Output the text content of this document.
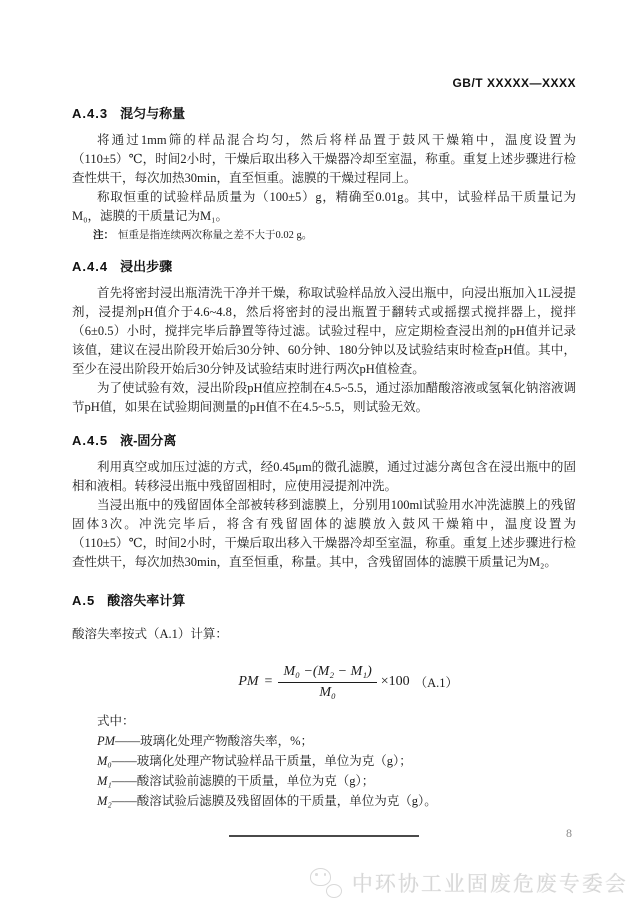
GB/T XXXXX—XXXX
A.4.3 混匀与称量

将通过1mm筛的样品混合均匀，然后将样品置于鼓风干燥箱中，温度设置为（110±5）℃，时间2小时，干燥后取出移入干燥器冷却至室温，称重。重复上述步骤进行检查性烘干，每次加热30min，直至恒重。滤膜的干燥过程同上。

称取恒重的试验样品质量为（100±5）g，精确至0.01g。其中，试验样品干质量记为M₀，滤膜的干质量记为M₁。

注： 恒重是指连续两次称量之差不大于0.02 g。

A.4.4 浸出步骤

首先将密封浸出瓶清洗干净并干燥，称取试验样品放入浸出瓶中，向浸出瓶加入1L浸提剂，浸提剂pH值介于4.6~4.8，然后将密封的浸出瓶置于翻转式或摇摆式搅拌器上，搅拌（6±0.5）小时，搅拌完毕后静置等待过滤。试验过程中，应定期检查浸出剂的pH值并记录该值，建议在浸出阶段开始后30分钟、60分钟、180分钟以及试验结束时检查pH值。其中，至少在浸出阶段开始后30分钟及试验结束时进行两次pH值检查。

为了使试验有效，浸出阶段pH值应控制在4.5~5.5，通过添加醋酸溶液或氢氧化钠溶液调节pH值，如果在试验期间测量的pH值不在4.5~5.5，则试验无效。

A.4.5 液-固分离

利用真空或加压过滤的方式，经0.45μm的微孔滤膜，通过过滤分离包含在浸出瓶中的固相和液相。转移浸出瓶中残留固相时，应使用浸提剂冲洗。

当浸出瓶中的残留固体全部被转移到滤膜上，分别用100ml试验用水冲洗滤膜上的残留固体3次。冲洗完毕后，将含有残留固体的滤膜放入鼓风干燥箱中，温度设置为（110±5）℃，时间2小时，干燥后取出移入干燥器冷却至室温，称重。重复上述步骤进行检查性烘干，每次加热30min，直至恒重，称量。其中，含残留固体的滤膜干质量记为M₂。

A.5 酸溶失率计算

酸溶失率按式（A.1）计算：

PM = $\frac{\text{M₀ −(M₂ − M₁)}}{\text{M₀}} \times 100$ （A.1）
式中：
PM——玻璃化处理产物酸溶失率，%；
M₀——玻璃化处理产物试验样品干质量，单位为克（g）；
M₁——酸溶试验前滤膜的干质量，单位为克（g）；
M₂——酸溶试验后滤膜及残留固体的干质量，单位为克（g）。
8
中环协工业固废危废专委会
